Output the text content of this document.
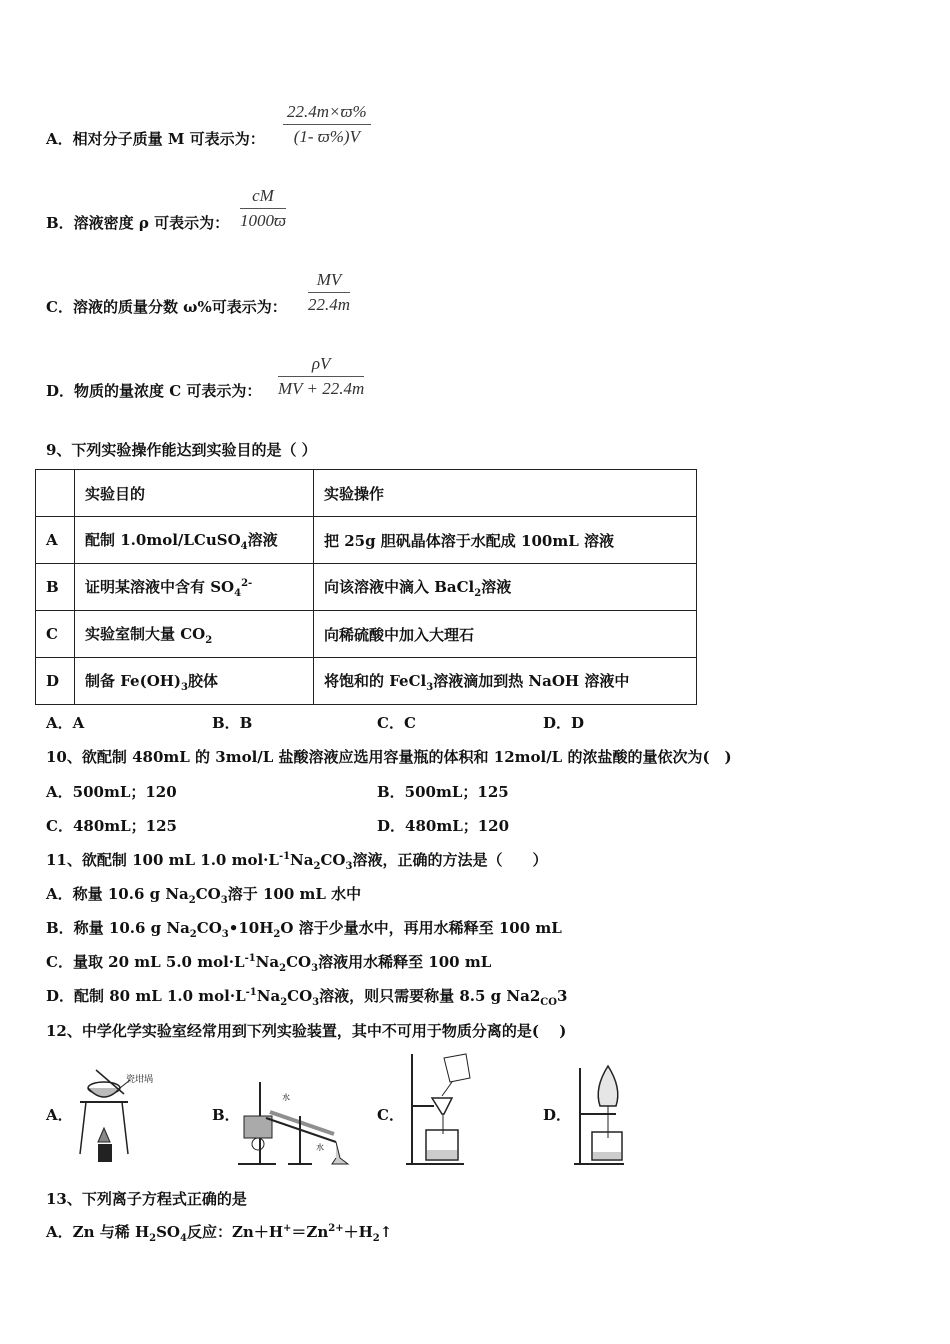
A．相对分子质量 M 可表示为： $\frac{22.4m\times ϖ\%}{(1- ϖ\%)V}$
B．溶液密度 ρ 可表示为： $\frac{cM}{1000ϖ}$
C．溶液的质量分数 ω%可表示为： $\frac{MV}{22.4m}$
D．物质的量浓度 C 可表示为： $\frac{\rho V}{MV + 22.4m}$
9、下列实验操作能达到实验目的是（ ）
	实验目的	实验操作
A	配制 1.0mol/LCuSO$_4$溶液	把 25g 胆矾晶体溶于水配成 100mL 溶液
B	证明某溶液中含有 $SO_4^{2-}$	向该溶液中滴入 BaCl$_2$溶液
C	实验室制大量 $CO_2$	向稀硫酸中加入大理石
D	制备 $Fe(OH)_3$胶体	将饱和的 FeCl$_3$溶液滴加到热 NaOH 溶液中
A．A	B．B	C．C	D．D
10、欲配制 480mL 的 3mol/L 盐酸溶液应选用容量瓶的体积和 12mol/L 的浓盐酸的量依次为(　)
A．500mL；120	B．500mL；125
C．480mL；125	D．480mL；120
11、欲配制 100 mL 1.0 $mol\cdot L^{-1}Na_2CO_3$溶液，正确的方法是（　　）
A．称量 10.6 g $Na_2CO_3$溶于 100 mL 水中
B．称量 10.6 g $Na_2CO_3•10H_2O$ 溶于少量水中，再用水稀释至 100 mL
C．量取 20 mL 5.0 $mol\cdot L^{-1}Na_2CO_3$溶液用水稀释至 100 mL
D．配制 80 mL 1.0 $mol\cdot L^{-1}Na_2CO_3$溶液，则只需要称量 8.5 g $Na2_{CO}3$
12、中学化学实验室经常用到下列实验装置，其中不可用于物质分离的是(　 )
A．
瓷坩埚
B．
水
水
C．	D．
13、下列离子方程式正确的是
A．Zn 与稀 $H_2SO_4$反应：$Zn+H^+=Zn^{2+}+H_2↑$
